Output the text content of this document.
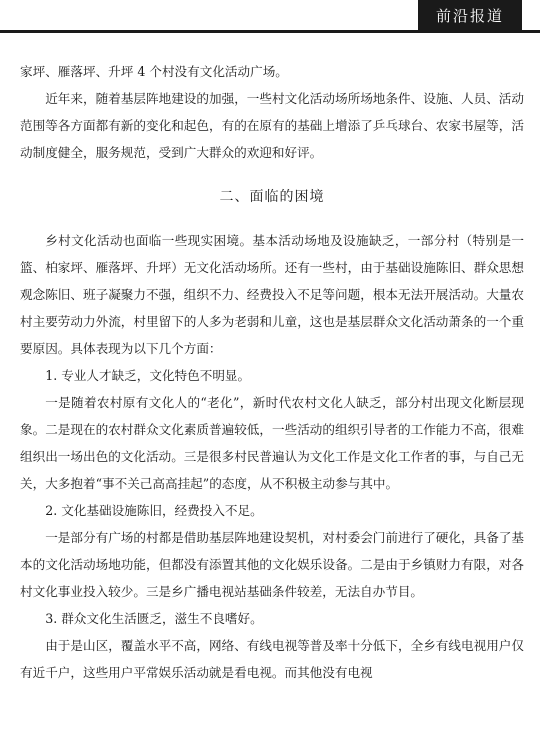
前沿报道

家坪、雁落坪、升坪 4 个村没有文化活动广场。

近年来，随着基层阵地建设的加强，一些村文化活动场所场地条件、设施、人员、活动范围等各方面都有新的变化和起色，有的在原有的基础上增添了乒乓球台、农家书屋等，活动制度健全，服务规范，受到广大群众的欢迎和好评。

二、面临的困境

乡村文化活动也面临一些现实困境。基本活动场地及设施缺乏，一部分村（特别是一篮、柏家坪、雁落坪、升坪）无文化活动场所。还有一些村，由于基础设施陈旧、群众思想观念陈旧、班子凝聚力不强，组织不力、经费投入不足等问题，根本无法开展活动。大量农村主要劳动力外流，村里留下的人多为老弱和儿童，这也是基层群众文化活动萧条的一个重要原因。具体表现为以下几个方面：

1. 专业人才缺乏，文化特色不明显。

一是随着农村原有文化人的“老化”，新时代农村文化人缺乏，部分村出现文化断层现象。二是现在的农村群众文化素质普遍较低，一些活动的组织引导者的工作能力不高，很难组织出一场出色的文化活动。三是很多村民普遍认为文化工作是文化工作者的事，与自己无关，大多抱着“事不关己高高挂起”的态度，从不积极主动参与其中。

2. 文化基础设施陈旧，经费投入不足。

一是部分有广场的村都是借助基层阵地建设契机，对村委会门前进行了硬化，具备了基本的文化活动场地功能，但都没有添置其他的文化娱乐设备。二是由于乡镇财力有限，对各村文化事业投入较少。三是乡广播电视站基础条件较差，无法自办节目。

3. 群众文化生活匮乏，滋生不良嗜好。

由于是山区，覆盖水平不高，网络、有线电视等普及率十分低下，全乡有线电视用户仅有近千户，这些用户平常娱乐活动就是看电视。而其他没有电视
